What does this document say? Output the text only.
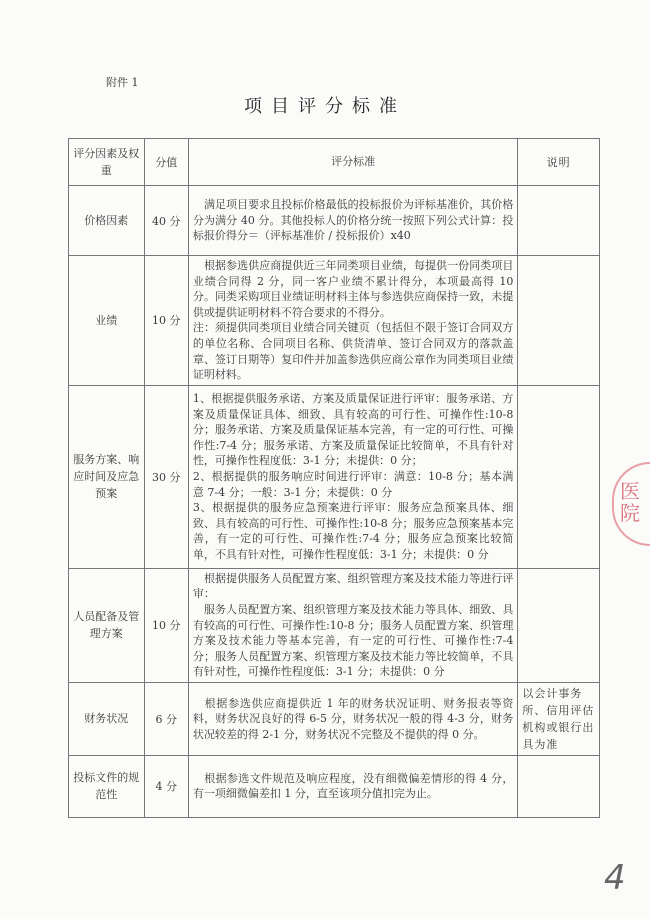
附件 1
项目评分标准
评分因素及权重	分值	评分标准	说明
价格因素	40 分	　满足项目要求且投标价格最低的投标报价为评标基准价，其价格分为满分 40 分。其他投标人的价格分统一按照下列公式计算：投标报价得分＝（评标基准价 / 投标报价）x40	
业绩	10 分	　根据参选供应商提供近三年同类项目业绩，每提供一份同类项目业绩合同得 2 分，同一客户业绩不累计得分，本项最高得 10 分。同类采购项目业绩证明材料主体与参选供应商保持一致，未提供或提供证明材料不符合要求的不得分。
注：须提供同类项目业绩合同关键页（包括但不限于签订合同双方的单位名称、合同项目名称、供货清单、签订合同双方的落款盖章、签订日期等）复印件并加盖参选供应商公章作为同类项目业绩证明材料。	
服务方案、响应时间及应急预案	30 分	1、根据提供服务承诺、方案及质量保证进行评审：服务承诺、方案及质量保证具体、细致、具有较高的可行性、可操作性:10-8 分；服务承诺、方案及质量保证基本完善，有一定的可行性、可操作性:7-4 分；服务承诺、方案及质量保证比较简单，不具有针对性，可操作性程度低：3-1 分；未提供：0 分；
2、根据提供的服务响应时间进行评审：满意：10-8 分；基本满意 7-4 分；一般：3-1 分；未提供：0 分
3、根据提供的服务应急预案进行评审：服务应急预案具体、细致、具有较高的可行性、可操作性:10-8 分；服务应急预案基本完善，有一定的可行性、可操作性:7-4 分；服务应急预案比较简单，不具有针对性，可操作性程度低：3-1 分；未提供：0 分	
人员配备及管理方案	10 分	　根据提供服务人员配置方案、组织管理方案及技术能力等进行评审：
　服务人员配置方案、组织管理方案及技术能力等具体、细致、具有较高的可行性、可操作性:10-8 分；服务人员配置方案、织管理方案及技术能力等基本完善，有一定的可行性、可操作性:7-4 分；服务人员配置方案、织管理方案及技术能力等比较简单，不具有针对性，可操作性程度低：3-1 分；未提供：0 分	
财务状况	6 分	　根据参选供应商提供近 1 年的财务状况证明、财务报表等资料，财务状况良好的得 6-5 分，财务状况一般的得 4-3 分，财务状况较差的得 2-1 分，财务状况不完整及不提供的得 0 分。	以会计事务所、信用评估机构或银行出具为准
投标文件的规范性	4 分	　根据参选文件规范及响应程度，没有细微偏差情形的得 4 分，有一项细微偏差扣 1 分，直至该项分值扣完为止。	
医院
4
